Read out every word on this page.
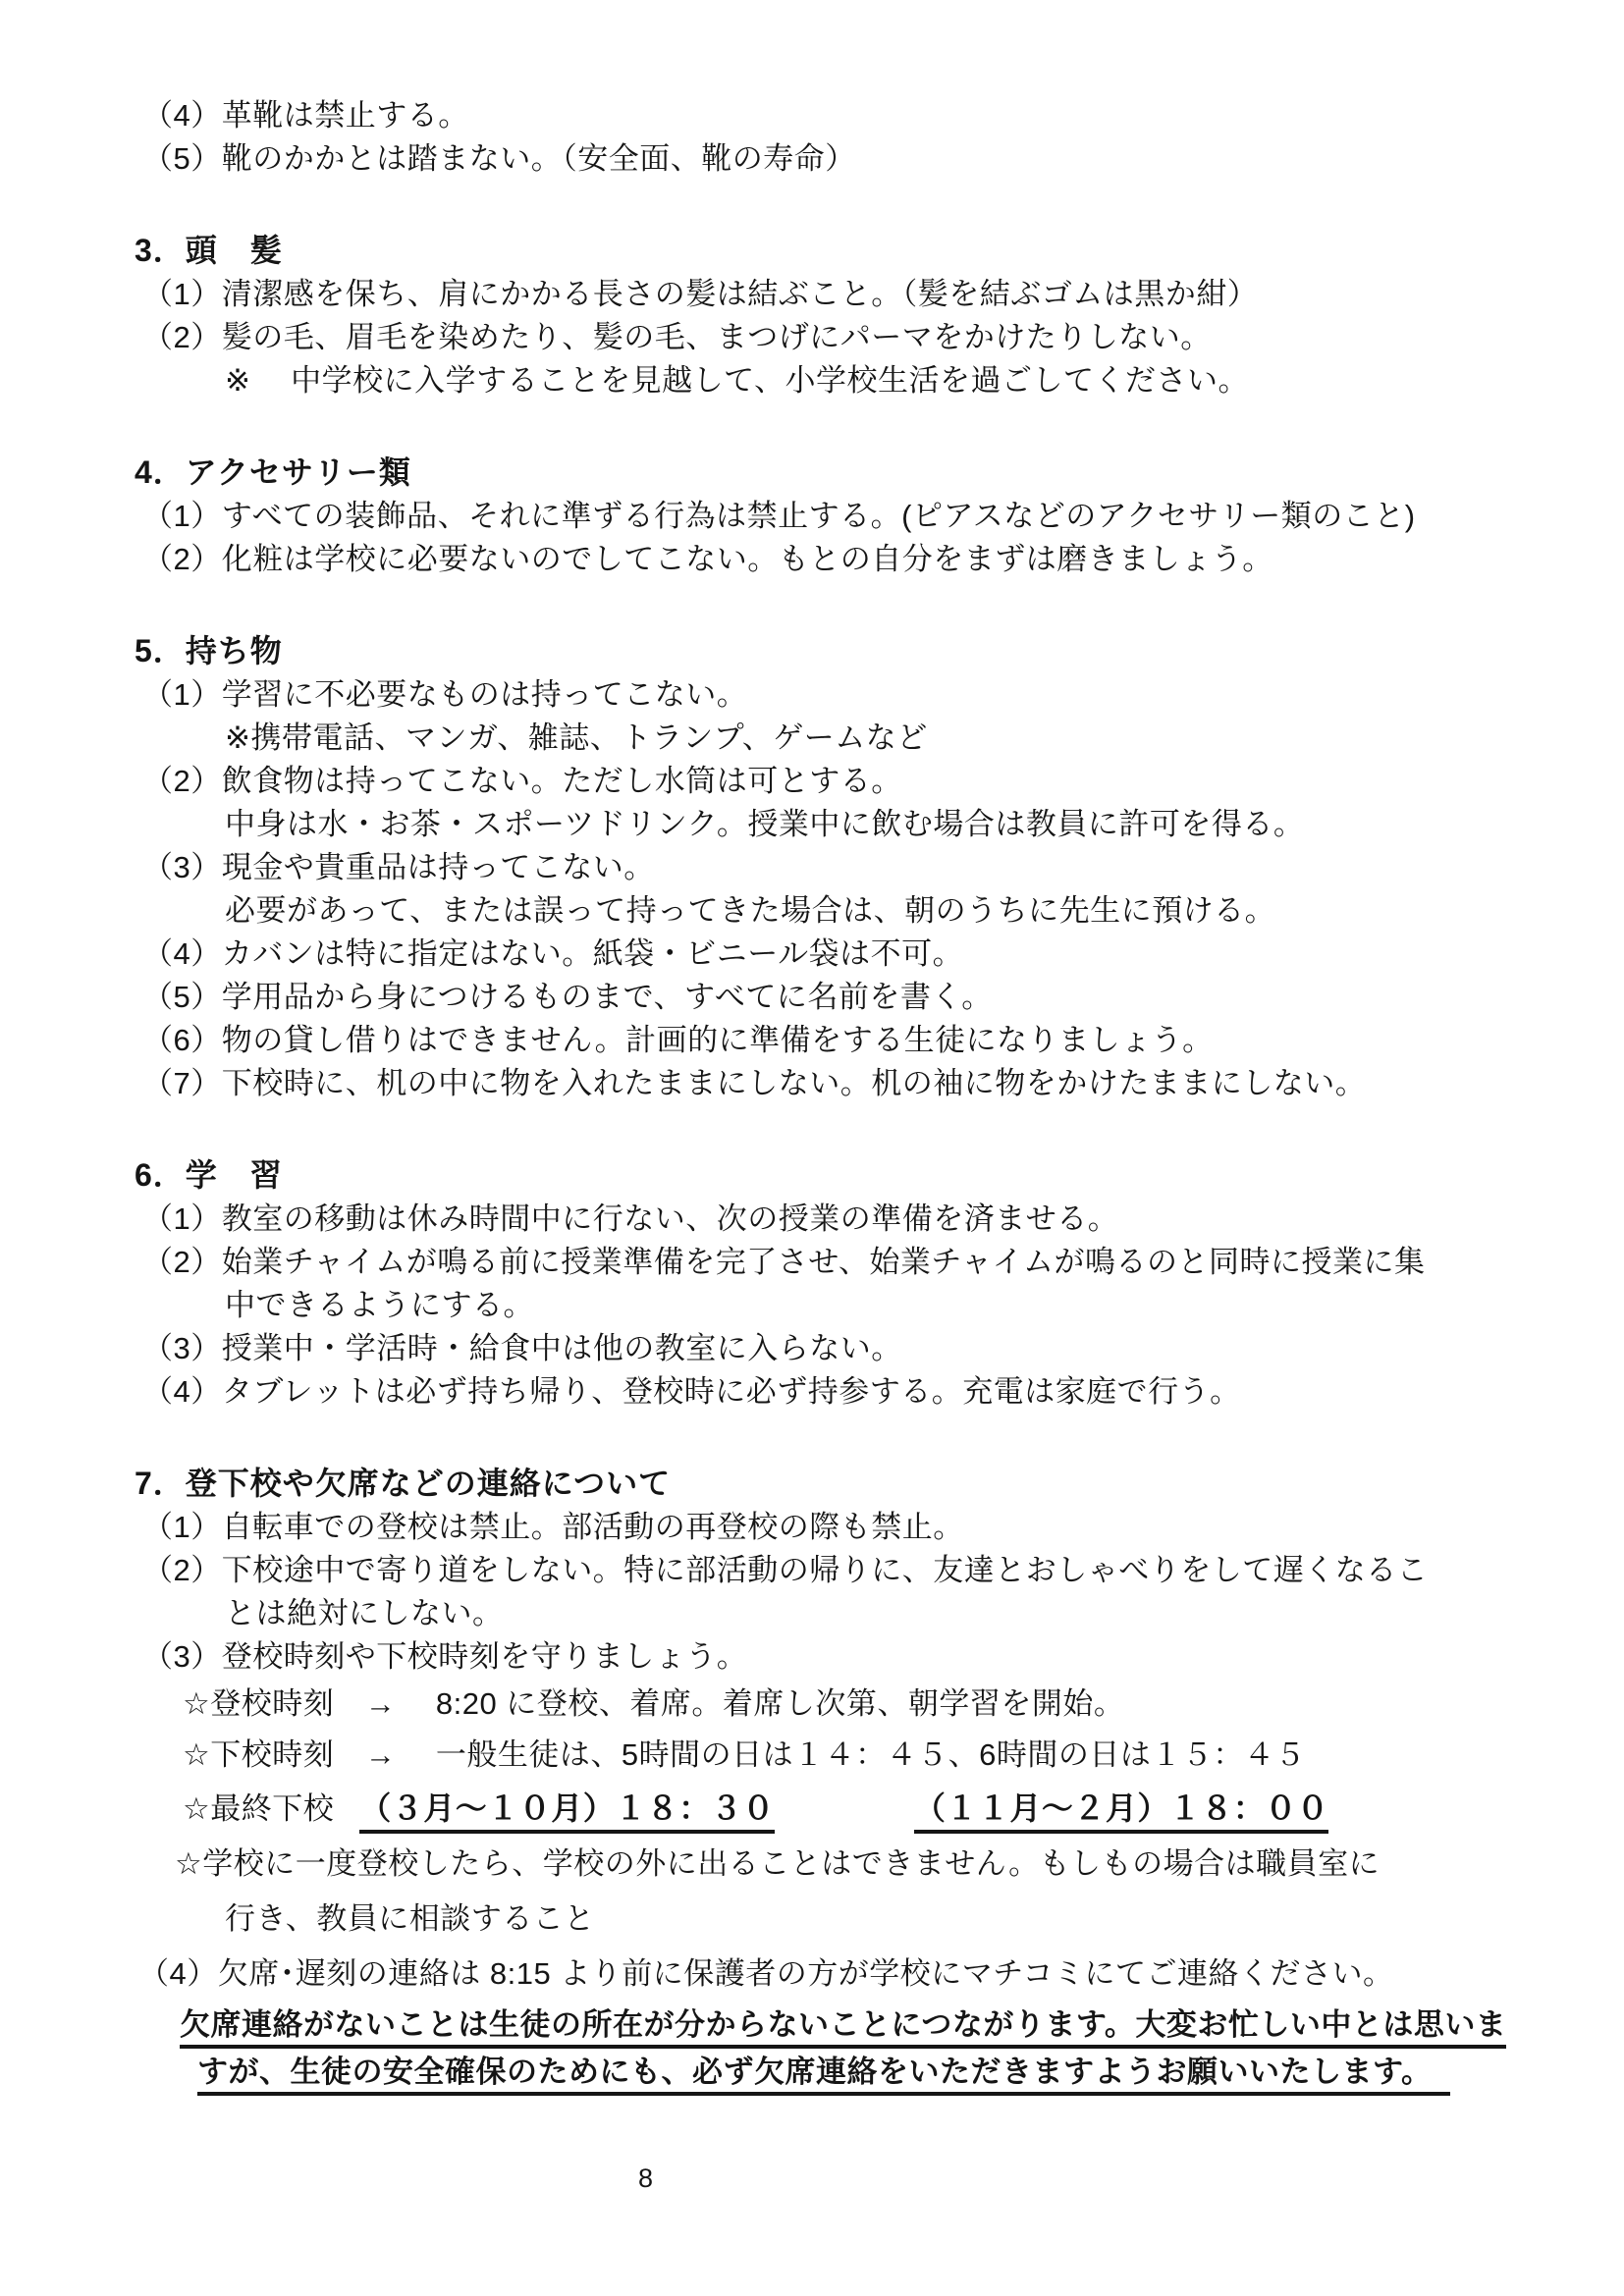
（4）革靴は禁止する。
（5）靴のかかとは踏まない。（安全面、靴の寿命）
3．頭　髪
（1）清潔感を保ち、肩にかかる長さの髪は結ぶこと。（髪を結ぶゴムは黒か紺）
（2）髪の毛、眉毛を染めたり、髪の毛、まつげにパーマをかけたりしない。
※　 中学校に入学することを見越して、小学校生活を過ごしてください。
4．アクセサリー類
（1）すべての装飾品、それに準ずる行為は禁止する。(ピアスなどのアクセサリー類のこと)
（2）化粧は学校に必要ないのでしてこない。もとの自分をまずは磨きましょう。
5．持ち物
（1）学習に不必要なものは持ってこない。
※携帯電話、マンガ、雑誌、トランプ、ゲームなど
（2）飲食物は持ってこない。ただし水筒は可とする。
中身は水・お茶・スポーツドリンク。授業中に飲む場合は教員に許可を得る。
（3）現金や貴重品は持ってこない。
必要があって、または誤って持ってきた場合は、朝のうちに先生に預ける。
（4）カバンは特に指定はない。紙袋・ビニール袋は不可。
（5）学用品から身につけるものまで、すべてに名前を書く。
（6）物の貸し借りはできません。計画的に準備をする生徒になりましょう。
（7）下校時に、机の中に物を入れたままにしない。机の袖に物をかけたままにしない。
6．学　習
（1）教室の移動は休み時間中に行ない、次の授業の準備を済ませる。
（2）始業チャイムが鳴る前に授業準備を完了させ、始業チャイムが鳴るのと同時に授業に集
中できるようにする。
（3）授業中・学活時・給食中は他の教室に入らない。
（4）タブレットは必ず持ち帰り、登校時に必ず持参する。充電は家庭で行う。
7．登下校や欠席などの連絡について
（1）自転車での登校は禁止。部活動の再登校の際も禁止。
（2）下校途中で寄り道をしない。特に部活動の帰りに、友達とおしゃべりをして遅くなるこ
とは絶対にしない。
（3）登校時刻や下校時刻を守りましょう。
☆登校時刻　→　 8:20 に登校、着席。着席し次第、朝学習を開始。
☆下校時刻　→　 一般生徒は、5時間の日は１４：４５、6時間の日は１５：４５
☆最終下校 （３月～１０月）１８：３０	（１１月～２月）１８：００
☆学校に一度登校したら、学校の外に出ることはできません。もしもの場合は職員室に
行き、教員に相談すること
（4）欠席･遅刻の連絡は 8:15 より前に保護者の方が学校にマチコミにてご連絡ください。
欠席連絡がないことは生徒の所在が分からないことにつながります。大変お忙しい中とは思いま
すが、生徒の安全確保のためにも、必ず欠席連絡をいただきますようお願いいたします。
8
